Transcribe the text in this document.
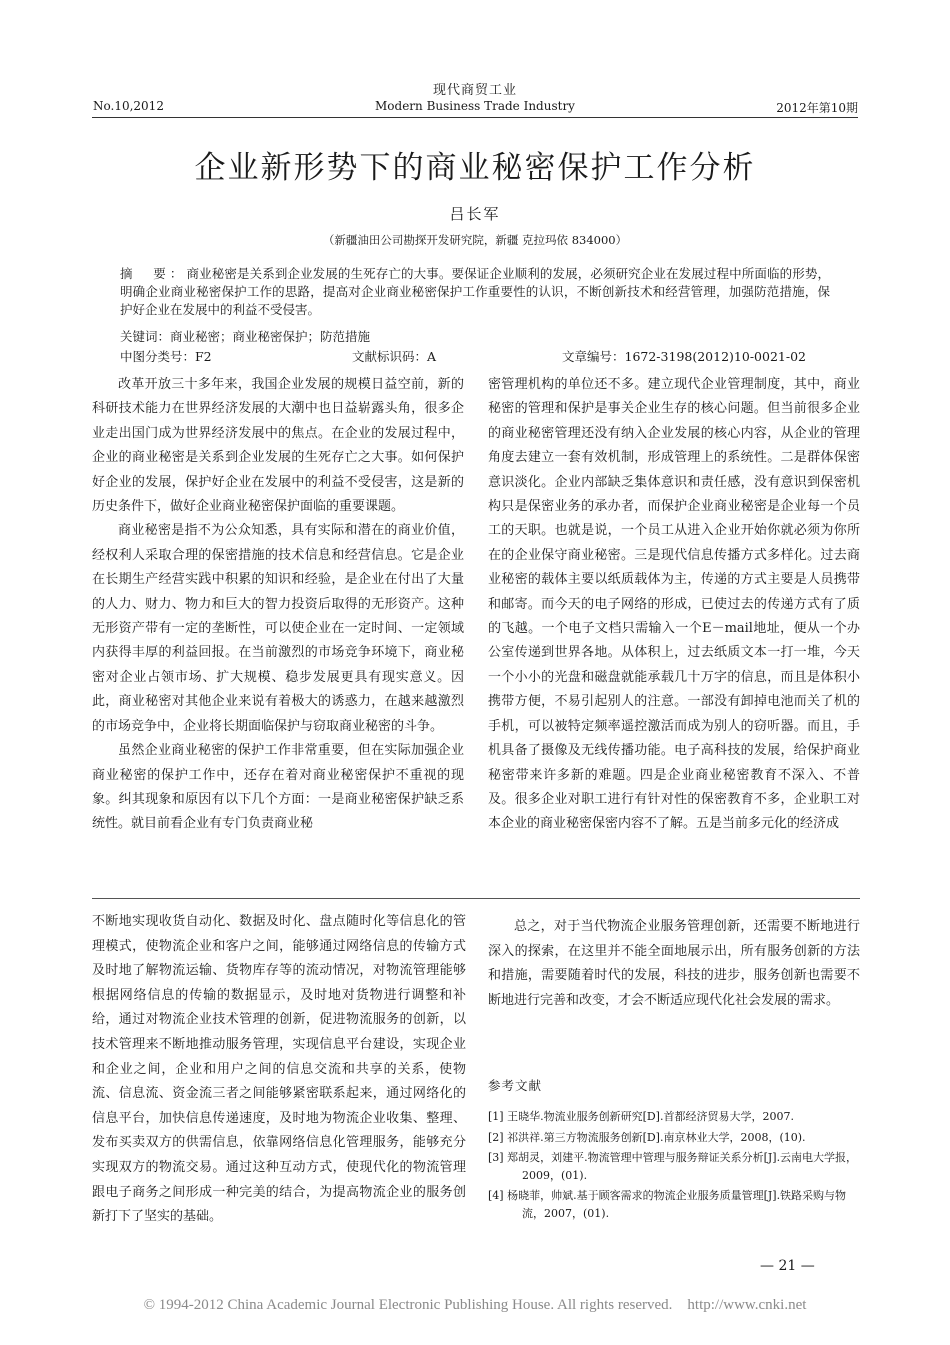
现代商贸工业
No.10,2012	Modern Business Trade Industry	2012年第10期
企业新形势下的商业秘密保护工作分析
吕长军
（新疆油田公司勘探开发研究院，新疆 克拉玛依 834000）

摘　要：商业秘密是关系到企业发展的生死存亡的大事。要保证企业顺利的发展，必须研究企业在发展过程中所面临的形势，明确企业商业秘密保护工作的思路，提高对企业商业秘密保护工作重要性的认识，不断创新技术和经营管理，加强防范措施，保护好企业在发展中的利益不受侵害。

关键词：商业秘密；商业秘密保护；防范措施
中图分类号：F2	文献标识码：A	文章编号：1672-3198(2012)10-0021-02

改革开放三十多年来，我国企业发展的规模日益空前，新的科研技术能力在世界经济发展的大潮中也日益崭露头角，很多企业走出国门成为世界经济发展中的焦点。在企业的发展过程中，企业的商业秘密是关系到企业发展的生死存亡之大事。如何保护好企业的发展，保护好企业在发展中的利益不受侵害，这是新的历史条件下，做好企业商业秘密保护面临的重要课题。

商业秘密是指不为公众知悉，具有实际和潜在的商业价值，经权利人采取合理的保密措施的技术信息和经营信息。它是企业在长期生产经营实践中积累的知识和经验，是企业在付出了大量的人力、财力、物力和巨大的智力投资后取得的无形资产。这种无形资产带有一定的垄断性，可以使企业在一定时间、一定领域内获得丰厚的利益回报。在当前激烈的市场竞争环境下，商业秘密对企业占领市场、扩大规模、稳步发展更具有现实意义。因此，商业秘密对其他企业来说有着极大的诱惑力，在越来越激烈的市场竞争中，企业将长期面临保护与窃取商业秘密的斗争。

虽然企业商业秘密的保护工作非常重要，但在实际加强企业商业秘密的保护工作中，还存在着对商业秘密保护不重视的现象。纠其现象和原因有以下几个方面：一是商业秘密保护缺乏系统性。就目前看企业有专门负责商业秘

密管理机构的单位还不多。建立现代企业管理制度，其中，商业秘密的管理和保护是事关企业生存的核心问题。但当前很多企业的商业秘密管理还没有纳入企业发展的核心内容，从企业的管理角度去建立一套有效机制，形成管理上的系统性。二是群体保密意识淡化。企业内部缺乏集体意识和责任感，没有意识到保密机构只是保密业务的承办者，而保护企业商业秘密是企业每一个员工的天职。也就是说，一个员工从进入企业开始你就必须为你所在的企业保守商业秘密。三是现代信息传播方式多样化。过去商业秘密的载体主要以纸质载体为主，传递的方式主要是人员携带和邮寄。而今天的电子网络的形成，已使过去的传递方式有了质的飞越。一个电子文档只需输入一个E－mail地址，便从一个办公室传递到世界各地。从体积上，过去纸质文本一打一堆，今天一个小小的光盘和磁盘就能承载几十万字的信息，而且是体积小携带方便，不易引起别人的注意。一部没有卸掉电池而关了机的手机，可以被特定频率遥控激活而成为别人的窃听器。而且，手机具备了摄像及无线传播功能。电子高科技的发展，给保护商业秘密带来许多新的难题。四是企业商业秘密教育不深入、不普及。很多企业对职工进行有针对性的保密教育不多，企业职工对本企业的商业秘密保密内容不了解。五是当前多元化的经济成

不断地实现收货自动化、数据及时化、盘点随时化等信息化的管理模式，使物流企业和客户之间，能够通过网络信息的传输方式及时地了解物流运输、货物库存等的流动情况，对物流管理能够根据网络信息的传输的数据显示，及时地对货物进行调整和补给，通过对物流企业技术管理的创新，促进物流服务的创新，以技术管理来不断地推动服务管理，实现信息平台建设，实现企业和企业之间，企业和用户之间的信息交流和共享的关系，使物流、信息流、资金流三者之间能够紧密联系起来，通过网络化的信息平台，加快信息传递速度，及时地为物流企业收集、整理、发布买卖双方的供需信息，依靠网络信息化管理服务，能够充分实现双方的物流交易。通过这种互动方式，使现代化的物流管理跟电子商务之间形成一种完美的结合，为提高物流企业的服务创新打下了坚实的基础。

总之，对于当代物流企业服务管理创新，还需要不断地进行深入的探索，在这里并不能全面地展示出，所有服务创新的方法和措施，需要随着时代的发展，科技的进步，服务创新也需要不断地进行完善和改变，才会不断适应现代化社会发展的需求。

参考文献
[1] 王晓华.物流业服务创新研究[D].首都经济贸易大学，2007.
[2] 祁洪祥.第三方物流服务创新[D].南京林业大学，2008，(10).
[3] 郑胡灵，刘建平.物流管理中管理与服务辩证关系分析[J].云南电大学报，2009，(01).
[4] 杨晓菲，帅斌.基于顾客需求的物流企业服务质量管理[J].铁路采购与物流，2007，(01).
— 21 —
© 1994-2012 China Academic Journal Electronic Publishing House. All rights reserved.    http://www.cnki.net
